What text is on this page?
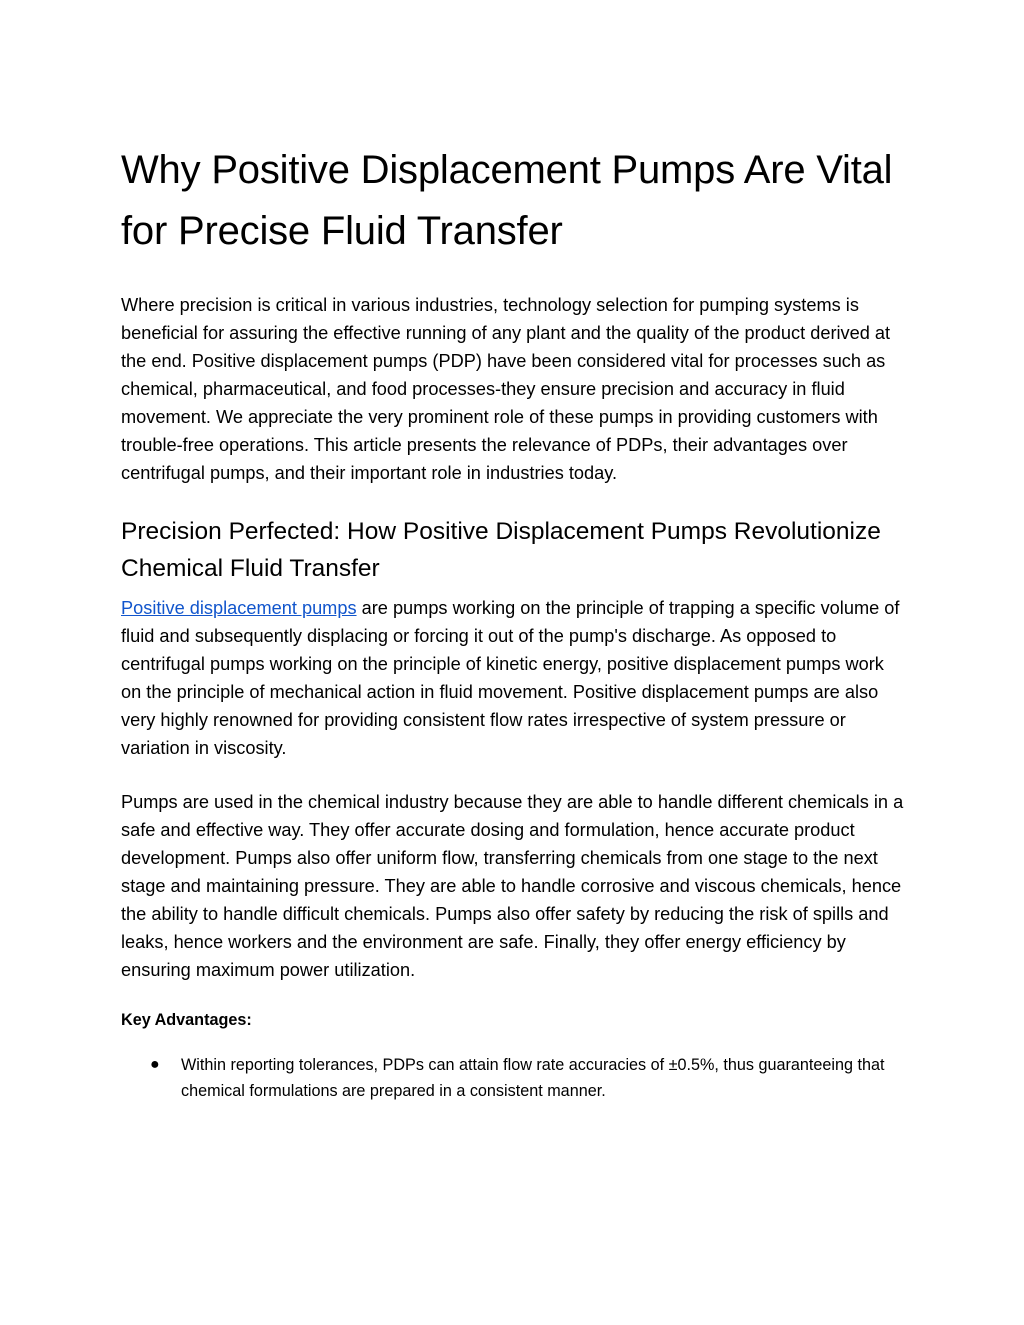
Why Positive Displacement Pumps Are Vital for Precise Fluid Transfer

Where precision is critical in various industries, technology selection for pumping systems is beneficial for assuring the effective running of any plant and the quality of the product derived at the end. Positive displacement pumps (PDP) have been considered vital for processes such as chemical, pharmaceutical, and food processes-they ensure precision and accuracy in fluid movement. We appreciate the very prominent role of these pumps in providing customers with trouble-free operations. This article presents the relevance of PDPs, their advantages over centrifugal pumps, and their important role in industries today.

Precision Perfected: How Positive Displacement Pumps Revolutionize Chemical Fluid Transfer

Positive displacement pumps are pumps working on the principle of trapping a specific volume of fluid and subsequently displacing or forcing it out of the pump's discharge. As opposed to centrifugal pumps working on the principle of kinetic energy, positive displacement pumps work on the principle of mechanical action in fluid movement. Positive displacement pumps are also very highly renowned for providing consistent flow rates irrespective of system pressure or variation in viscosity.

Pumps are used in the chemical industry because they are able to handle different chemicals in a safe and effective way. They offer accurate dosing and formulation, hence accurate product development. Pumps also offer uniform flow, transferring chemicals from one stage to the next stage and maintaining pressure. They are able to handle corrosive and viscous chemicals, hence the ability to handle difficult chemicals. Pumps also offer safety by reducing the risk of spills and leaks, hence workers and the environment are safe. Finally, they offer energy efficiency by ensuring maximum power utilization.

Key Advantages:

● Within reporting tolerances, PDPs can attain flow rate accuracies of ±0.5%, thus guaranteeing that chemical formulations are prepared in a consistent manner.
